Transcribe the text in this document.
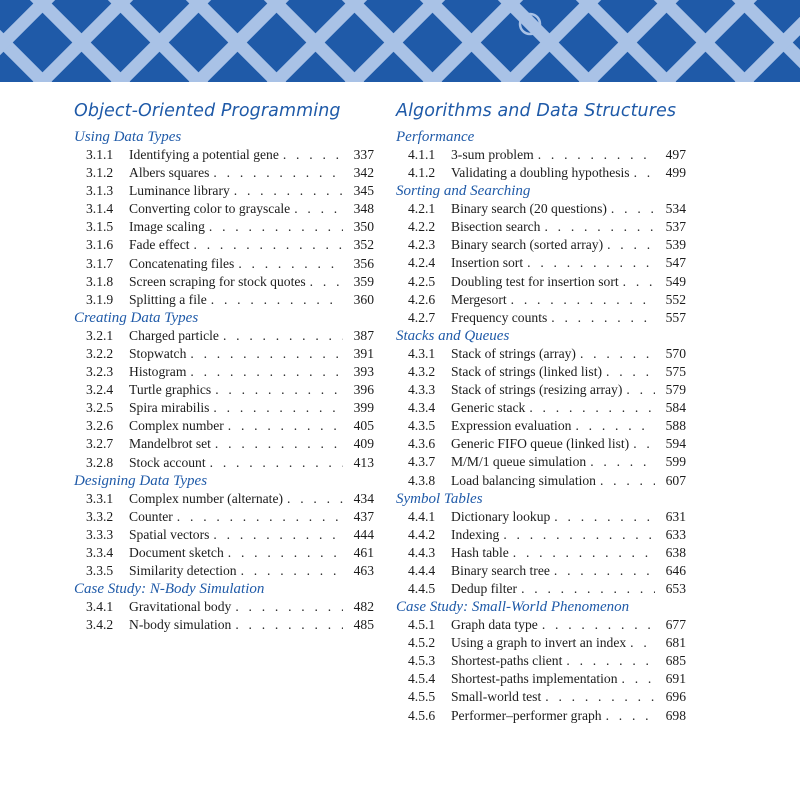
Object-Oriented Programming
Using Data Types
3.1.1	Identifying a potential gene . . .	337
3.1.2	Albers squares . . .	342
3.1.3	Luminance library . . .	345
3.1.4	Converting color to grayscale . . .	348
3.1.5	Image scaling . . .	350
3.1.6	Fade effect . . .	352
3.1.7	Concatenating files . . .	356
3.1.8	Screen scraping for stock quotes . . .	359
3.1.9	Splitting a file . . .	360
Creating Data Types
3.2.1	Charged particle . . .	387
3.2.2	Stopwatch . . .	391
3.2.3	Histogram . . .	393
3.2.4	Turtle graphics . . .	396
3.2.5	Spira mirabilis . . .	399
3.2.6	Complex number . . .	405
3.2.7	Mandelbrot set . . .	409
3.2.8	Stock account . . .	413
Designing Data Types
3.3.1	Complex number (alternate) . . .	434
3.3.2	Counter . . .	437
3.3.3	Spatial vectors . . .	444
3.3.4	Document sketch . . .	461
3.3.5	Similarity detection . . .	463
Case Study: N-Body Simulation
3.4.1	Gravitational body . . .	482
3.4.2	N-body simulation . . .	485
Algorithms and Data Structures
Performance
4.1.1	3-sum problem . . .	497
4.1.2	Validating a doubling hypothesis . . .	499
Sorting and Searching
4.2.1	Binary search (20 questions) . . .	534
4.2.2	Bisection search . . .	537
4.2.3	Binary search (sorted array) . . .	539
4.2.4	Insertion sort . . .	547
4.2.5	Doubling test for insertion sort . . .	549
4.2.6	Mergesort . . .	552
4.2.7	Frequency counts . . .	557
Stacks and Queues
4.3.1	Stack of strings (array) . . .	570
4.3.2	Stack of strings (linked list) . . .	575
4.3.3	Stack of strings (resizing array) . . .	579
4.3.4	Generic stack . . .	584
4.3.5	Expression evaluation . . .	588
4.3.6	Generic FIFO queue (linked list) . . .	594
4.3.7	M/M/1 queue simulation . . .	599
4.3.8	Load balancing simulation . . .	607
Symbol Tables
4.4.1	Dictionary lookup . . .	631
4.4.2	Indexing . . .	633
4.4.3	Hash table . . .	638
4.4.4	Binary search tree . . .	646
4.4.5	Dedup filter . . .	653
Case Study: Small-World Phenomenon
4.5.1	Graph data type . . .	677
4.5.2	Using a graph to invert an index . . .	681
4.5.3	Shortest-paths client . . .	685
4.5.4	Shortest-paths implementation . . .	691
4.5.5	Small-world test . . .	696
4.5.6	Performer–performer graph . . .	698
